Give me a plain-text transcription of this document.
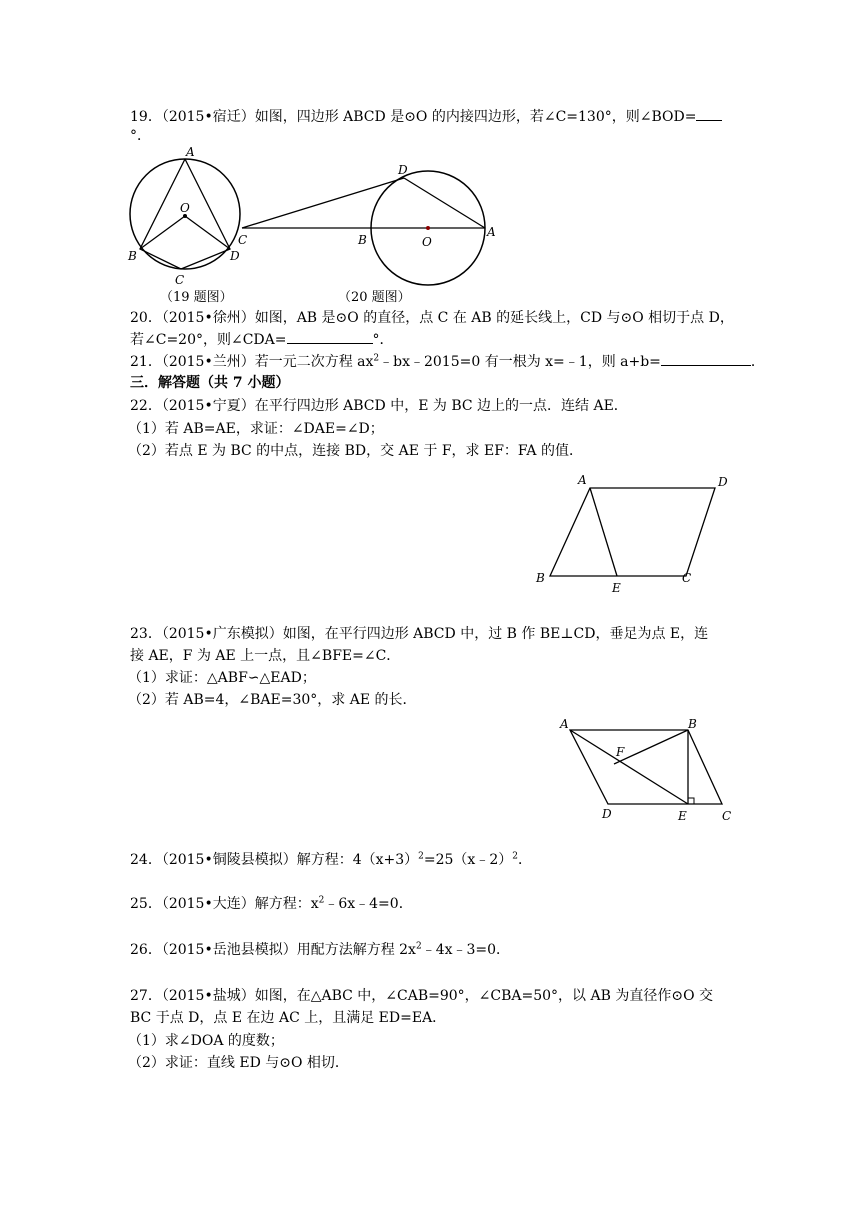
19．（2015•宿迁）如图，四边形 ABCD 是⊙O 的内接四边形，若∠C=130°，则∠BOD=
°．
A
O
B	D
C
（19 题图）
D
C	B	O
A
（20 题图）
20．（2015•徐州）如图，AB 是⊙O 的直径，点 C 在 AB 的延长线上，CD 与⊙O 相切于点 D，
若∠C=20°，则∠CDA=	°．
21．（2015•兰州）若一元二次方程 $ax^2﹣bx﹣2015=0$ 有一根为 x=﹣1，则 a+b=	．
三．解答题（共 7 小题）
22．（2015•宁夏）在平行四边形 ABCD 中，E 为 BC 边上的一点．连结 AE．
（1）若 AB=AE，求证：∠DAE=∠D；
（2）若点 E 为 BC 的中点，连接 BD，交 AE 于 F，求 EF：FA 的值．
A	D
B
E
C
23．（2015•广东模拟）如图，在平行四边形 ABCD 中，过 B 作 BE⊥CD，垂足为点 E，连
接 AE，F 为 AE 上一点，且∠BFE=∠C．
（1）求证：△ABF∽△EAD；
（2）若 AB=4，∠BAE=30°，求 AE 的长．
A	B
F
D	E	C
24．（2015•铜陵县模拟）解方程：$4(x+3)^2=25(x﹣2)^2$．
25．（2015•大连）解方程：$x^2﹣6x﹣4=0$．
26．（2015•岳池县模拟）用配方法解方程 $2x^2﹣4x﹣3=0$．
27．（2015•盐城）如图，在△ABC 中，∠CAB=90°，∠CBA=50°，以 AB 为直径作⊙O 交
BC 于点 D，点 E 在边 AC 上，且满足 ED=EA．
（1）求∠DOA 的度数；
（2）求证：直线 ED 与⊙O 相切．
